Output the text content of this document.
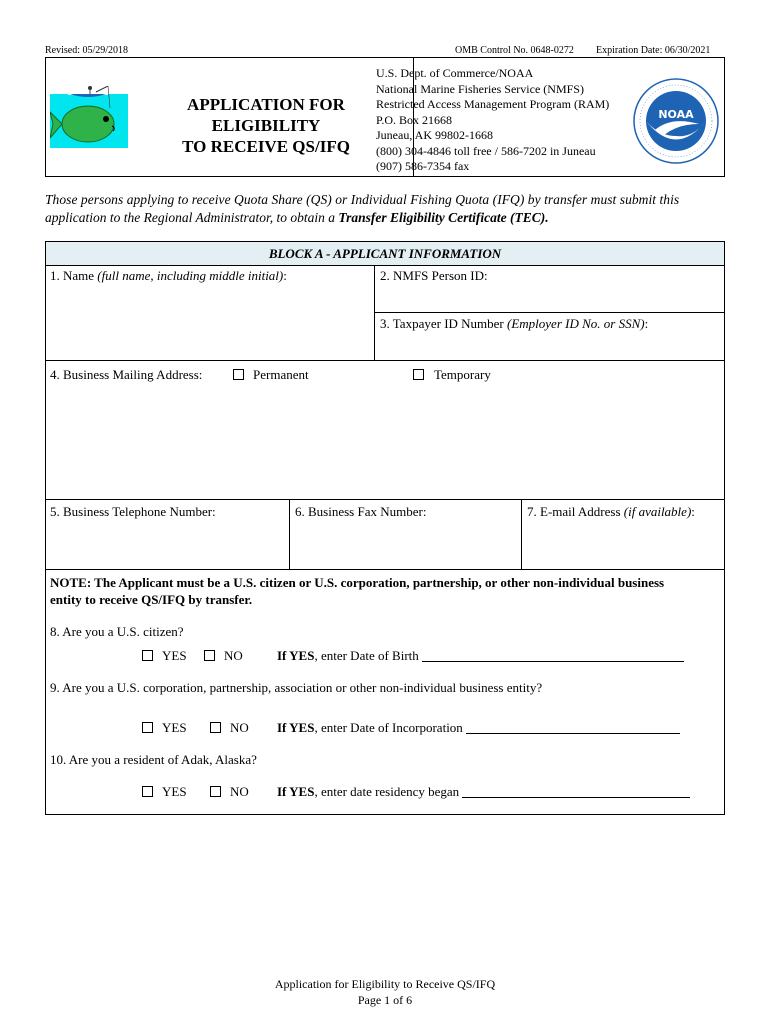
Revised: 05/29/2018	OMB Control No. 0648-0272 Expiration Date: 06/30/2021
APPLICATION FOR
ELIGIBILITY
TO RECEIVE QS/IFQ
U.S. Dept. of Commerce/NOAA
National Marine Fisheries Service (NMFS)
Restricted Access Management Program (RAM)
P.O. Box 21668
Juneau, AK 99802-1668
(800) 304-4846 toll free / 586-7202 in Juneau
(907) 586-7354 fax
NOAA
Those persons applying to receive Quota Share (QS) or Individual Fishing Quota (IFQ) by transfer must submit this
application to the Regional Administrator, to obtain a Transfer Eligibility Certificate (TEC).
BLOCK A - APPLICANT INFORMATION
1. Name (full name, including middle initial):	2. NMFS Person ID:
3. Taxpayer ID Number (Employer ID No. or SSN):
4. Business Mailing Address:	Permanent	Temporary
5. Business Telephone Number:	6. Business Fax Number:	7. E-mail Address (if available):
NOTE: The Applicant must be a U.S. citizen or U.S. corporation, partnership, or other non-individual business
entity to receive QS/IFQ by transfer.
8. Are you a U.S. citizen?
YES	NO	If YES, enter Date of Birth
9. Are you a U.S. corporation, partnership, association or other non-individual business entity?
YES	NO If YES, enter Date of Incorporation
10. Are you a resident of Adak, Alaska?
YES	NO If YES, enter date residency began
Application for Eligibility to Receive QS/IFQ
Page 1 of 6
